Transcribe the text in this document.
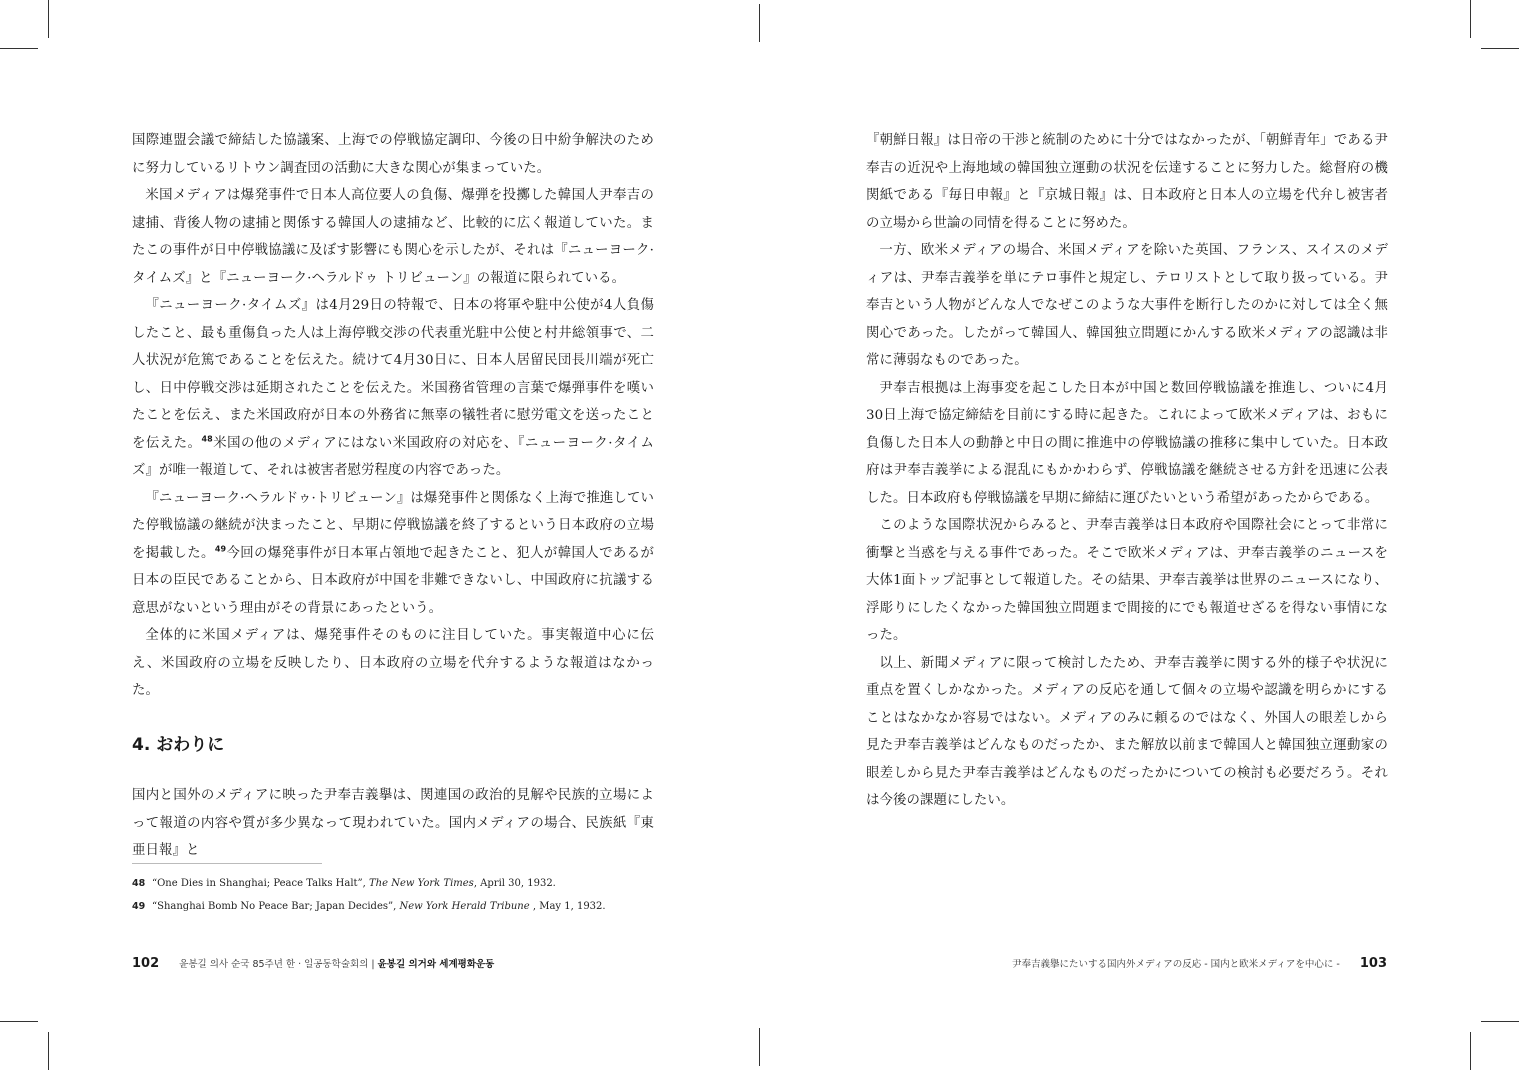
国際連盟会議で締結した協議案、上海での停戦協定調印、今後の日中紛争解決のために努力しているリトウン調査団の活動に大きな関心が集まっていた。

米国メディアは爆発事件で日本人高位要人の負傷、爆弾を投擲した韓国人尹奉吉の逮捕、背後人物の逮捕と関係する韓国人の逮捕など、比較的に広く報道していた。またこの事件が日中停戦協議に及ぼす影響にも関心を示したが、それは『ニューヨーク·タイムズ』と『ニューヨーク·ヘラルドゥ トリビューン』の報道に限られている。

『ニューヨーク·タイムズ』は4月29日の特報で、日本の将軍や駐中公使が4人負傷したこと、最も重傷負った人は上海停戦交渉の代表重光駐中公使と村井総領事で、二人状況が危篤であることを伝えた。続けて4月30日に、日本人居留民団長川端が死亡し、日中停戦交渉は延期されたことを伝えた。米国務省管理の言葉で爆弾事件を嘆いたことを伝え、また米国政府が日本の外務省に無辜の犠牲者に慰労電文を送ったことを伝えた。$^{48}$米国の他のメディアにはない米国政府の対応を、『ニューヨーク·タイムズ』が唯一報道して、それは被害者慰労程度の内容であった。

『ニューヨーク·ヘラルドゥ·トリビューン』は爆発事件と関係なく上海で推進していた停戦協議の継続が決まったこと、早期に停戦協議を終了するという日本政府の立場を掲載した。$^{49}$今回の爆発事件が日本軍占領地で起きたこと、犯人が韓国人であるが日本の臣民であることから、日本政府が中国を非難できないし、中国政府に抗議する意思がないという理由がその背景にあったという。

全体的に米国メディアは、爆発事件そのものに注目していた。事実報道中心に伝え、米国政府の立場を反映したり、日本政府の立場を代弁するような報道はなかった。

4. おわりに

国内と国外のメディアに映った尹奉吉義擧は、関連国の政治的見解や民族的立場によって報道の内容や質が多少異なって現われていた。国内メディアの場合、民族紙『東亜日報』と

48 “One Dies in Shanghai; Peace Talks Halt”, The New York Times, April 30, 1932.
49 “Shanghai Bomb No Peace Bar; Japan Decides”, New York Herald Tribune , May 1, 1932.
102 윤봉길 의사 순국 85주년 한 · 일공동학술회의 | 윤봉길 의거와 세계평화운동

『朝鮮日報』は日帝の干渉と統制のために十分ではなかったが、「朝鮮青年」である尹奉吉の近況や上海地域の韓国独立運動の状況を伝達することに努力した。総督府の機関紙である『毎日申報』と『京城日報』は、日本政府と日本人の立場を代弁し被害者の立場から世論の同情を得ることに努めた。

一方、欧米メディアの場合、米国メディアを除いた英国、フランス、スイスのメディアは、尹奉吉義挙を単にテロ事件と規定し、テロリストとして取り扱っている。尹奉吉という人物がどんな人でなぜこのような大事件を断行したのかに対しては全く無関心であった。したがって韓国人、韓国独立問題にかんする欧米メディアの認識は非常に薄弱なものであった。

尹奉吉根拠は上海事変を起こした日本が中国と数回停戦協議を推進し、ついに4月30日上海で協定締結を目前にする時に起きた。これによって欧米メディアは、おもに負傷した日本人の動静と中日の間に推進中の停戦協議の推移に集中していた。日本政府は尹奉吉義挙による混乱にもかかわらず、停戦協議を継続させる方針を迅速に公表した。日本政府も停戦協議を早期に締結に運びたいという希望があったからである。

このような国際状況からみると、尹奉吉義挙は日本政府や国際社会にとって非常に衝撃と当惑を与える事件であった。そこで欧米メディアは、尹奉吉義挙のニュースを大体1面トップ記事として報道した。その結果、尹奉吉義挙は世界のニュースになり、浮彫りにしたくなかった韓国独立問題まで間接的にでも報道せざるを得ない事情になった。

以上、新聞メディアに限って検討したため、尹奉吉義挙に関する外的様子や状況に重点を置くしかなかった。メディアの反応を通して個々の立場や認識を明らかにすることはなかなか容易ではない。メディアのみに頼るのではなく、外国人の眼差しから見た尹奉吉義挙はどんなものだったか、また解放以前まで韓国人と韓国独立運動家の眼差しから見た尹奉吉義挙はどんなものだったかについての検討も必要だろう。それは今後の課題にしたい。

尹奉吉義擧にたいする国内外メディアの反応 - 国内と欧米メディアを中心に - 103
